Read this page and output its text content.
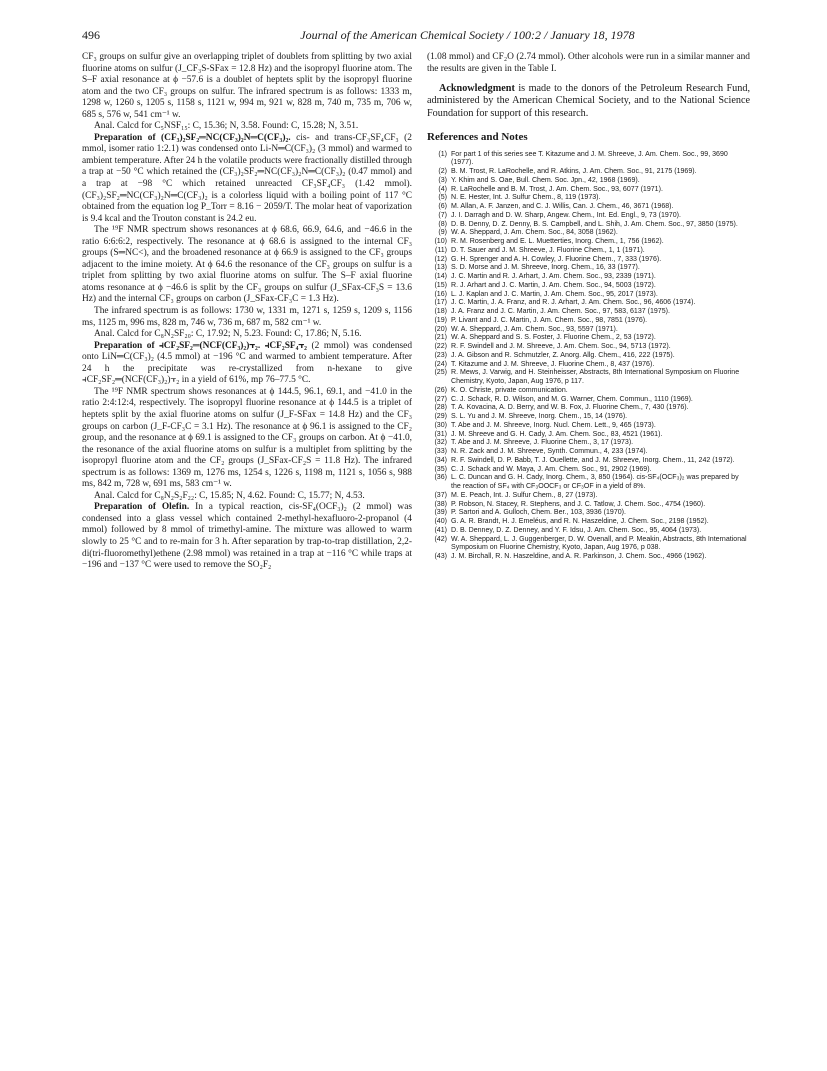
496	Journal of the American Chemical Society / 100:2 / January 18, 1978

CF₃ groups on sulfur give an overlapping triplet of doublets from splitting by two axial fluorine atoms on sulfur (J_CF₃S-SFax = 12.8 Hz) and the isopropyl fluorine atom. The S–F axial resonance at ϕ −57.6 is a doublet of heptets split by the isopropyl fluorine atom and the two CF₃ groups on sulfur. The infrared spectrum is as follows: 1333 m, 1298 w, 1260 s, 1205 s, 1158 s, 1121 w, 994 m, 921 w, 828 m, 740 m, 735 m, 706 w, 685 s, 576 w, 541 cm⁻¹ w.

Anal. Calcd for C₅NSF₁₅: C, 15.36; N, 3.58. Found: C, 15.28; N, 3.51.

Preparation of (CF₃)₂SF₂═NC(CF₃)₂N═C(CF₃)₂. cis- and trans-CF₃SF₄CF₃ (2 mmol, isomer ratio 1:2.1) was condensed onto Li-N═C(CF₃)₂ (3 mmol) and warmed to ambient temperature. After 24 h the volatile products were fractionally distilled through a trap at −50 °C which retained the (CF₃)₂SF₂═NC(CF₃)₂N═C(CF₃)₂ (0.47 mmol) and a trap at −98 °C which retained unreacted CF₃SF₄CF₃ (1.42 mmol). (CF₃)₂SF₂═NC(CF₃)₂N═C(CF₃)₂ is a colorless liquid with a boiling point of 117 °C obtained from the equation log P_Torr = 8.16 − 2059/T. The molar heat of vaporization is 9.4 kcal and the Trouton constant is 24.2 eu.

The ¹⁹F NMR spectrum shows resonances at ϕ 68.6, 66.9, 64.6, and −46.6 in the ratio 6:6:6:2, respectively. The resonance at ϕ 68.6 is assigned to the internal CF₃ groups (S═NC<), and the broadened resonance at ϕ 66.9 is assigned to the CF₃ groups adjacent to the imine moiety. At ϕ 64.6 the resonance of the CF₃ groups on sulfur is a triplet from splitting by two axial fluorine atoms on sulfur. The S–F axial fluorine atoms resonance at ϕ −46.6 is split by the CF₃ groups on sulfur (J_SFax-CF₃S = 13.6 Hz) and the internal CF₃ groups on carbon (J_SFax-CF₃C = 1.3 Hz).

The infrared spectrum is as follows: 1730 w, 1331 m, 1271 s, 1259 s, 1209 s, 1156 ms, 1125 m, 996 ms, 828 m, 746 w, 736 m, 687 m, 582 cm⁻¹ w.

Anal. Calcd for C₈N₂SF₂₀: C, 17.92; N, 5.23. Found: C, 17.86; N, 5.16.

Preparation of ⫞CF₂SF₂═(NCF(CF₃)₂)⫟₂. ⫞CF₂SF₄⫟₂ (2 mmol) was condensed onto LiN═C(CF₃)₂ (4.5 mmol) at −196 °C and warmed to ambient temperature. After 24 h the precipitate was re-crystallized from n-hexane to give ⫞CF₂SF₂═(NCF(CF₃)₂)⫟₂ in a yield of 61%, mp 76–77.5 °C.

The ¹⁹F NMR spectrum shows resonances at ϕ 144.5, 96.1, 69.1, and −41.0 in the ratio 2:4:12:4, respectively. The isopropyl fluorine resonance at ϕ 144.5 is a triplet of heptets split by the axial fluorine atoms on sulfur (J_F-SFax = 14.8 Hz) and the CF₃ groups on carbon (J_F-CF₃C = 3.1 Hz). The resonance at ϕ 96.1 is assigned to the CF₂ group, and the resonance at ϕ 69.1 is assigned to the CF₃ groups on carbon. At ϕ −41.0, the resonance of the axial fluorine atoms on sulfur is a multiplet from splitting by the isopropyl fluorine atom and the CF₂ groups (J_SFax-CF₂S = 11.8 Hz). The infrared spectrum is as follows: 1369 m, 1276 ms, 1254 s, 1226 s, 1198 m, 1121 s, 1056 s, 988 ms, 842 m, 728 w, 691 ms, 583 cm⁻¹ w.

Anal. Calcd for C₈N₂S₂F₂₂: C, 15.85; N, 4.62. Found: C, 15.77; N, 4.53.

Preparation of Olefin. In a typical reaction, cis-SF₄(OCF₃)₂ (2 mmol) was condensed into a glass vessel which contained 2-methyl-hexafluoro-2-propanol (4 mmol) followed by 8 mmol of trimethyl-amine. The mixture was allowed to warm slowly to 25 °C and to re-main for 3 h. After separation by trap-to-trap distillation, 2,2-di(tri-fluoromethyl)ethene (2.98 mmol) was retained in a trap at −116 °C while traps at −196 and −137 °C were used to remove the SO₂F₂

(1.08 mmol) and CF₂O (2.74 mmol). Other alcohols were run in a similar manner and the results are given in the Table I.

Acknowledgment is made to the donors of the Petroleum Research Fund, administered by the American Chemical Society, and to the National Science Foundation for support of this research.

References and Notes

(1) For part 1 of this series see T. Kitazume and J. M. Shreeve, J. Am. Chem. Soc., 99, 3690 (1977).
(2) B. M. Trost, R. LaRochelle, and R. Atkins, J. Am. Chem. Soc., 91, 2175 (1969).
(3) Y. Khim and S. Oae, Bull. Chem. Soc. Jpn., 42, 1968 (1969).
(4) R. LaRochelle and B. M. Trost, J. Am. Chem. Soc., 93, 6077 (1971).
(5) N. E. Hester, Int. J. Sulfur Chem., 8, 119 (1973).
(6) M. Allan, A. F. Janzen, and C. J. Willis, Can. J. Chem., 46, 3671 (1968).
(7) J. I. Darragh and D. W. Sharp, Angew. Chem., Int. Ed. Engl., 9, 73 (1970).
(8) D. B. Denny, D. Z. Denny, B. S. Campbell, and L. Shih, J. Am. Chem. Soc., 97, 3850 (1975).
(9) W. A. Sheppard, J. Am. Chem. Soc., 84, 3058 (1962).
(10) R. M. Rosenberg and E. L. Muetterties, Inorg. Chem., 1, 756 (1962).
(11) D. T. Sauer and J. M. Shreeve, J. Fluorine Chem., 1, 1 (1971).
(12) G. H. Sprenger and A. H. Cowley, J. Fluorine Chem., 7, 333 (1976).
(13) S. D. Morse and J. M. Shreeve, Inorg. Chem., 16, 33 (1977).
(14) J. C. Martin and R. J. Arhart, J. Am. Chem. Soc., 93, 2339 (1971).
(15) R. J. Arhart and J. C. Martin, J. Am. Chem. Soc., 94, 5003 (1972).
(16) L. J. Kaplan and J. C. Martin, J. Am. Chem. Soc., 95, 2017 (1973).
(17) J. C. Martin, J. A. Franz, and R. J. Arhart, J. Am. Chem. Soc., 96, 4606 (1974).
(18) J. A. Franz and J. C. Martin, J. Am. Chem. Soc., 97, 583, 6137 (1975).
(19) P. Livant and J. C. Martin, J. Am. Chem. Soc., 98, 7851 (1976).
(20) W. A. Sheppard, J. Am. Chem. Soc., 93, 5597 (1971).
(21) W. A. Sheppard and S. S. Foster, J. Fluorine Chem., 2, 53 (1972).
(22) R. F. Swindell and J. M. Shreeve, J. Am. Chem. Soc., 94, 5713 (1972).
(23) J. A. Gibson and R. Schmutzler, Z. Anorg. Allg. Chem., 416, 222 (1975).
(24) T. Kitazume and J. M. Shreeve, J. Fluorine Chem., 8, 437 (1976).
(25) R. Mews, J. Varwig, and H. Steinheisser, Abstracts, 8th International Symposium on Fluorine Chemistry, Kyoto, Japan, Aug 1976, p 117.
(26) K. O. Christe, private communication.
(27) C. J. Schack, R. D. Wilson, and M. G. Warner, Chem. Commun., 1110 (1969).
(28) T. A. Kovacina, A. D. Berry, and W. B. Fox, J. Fluorine Chem., 7, 430 (1976).
(29) S. L. Yu and J. M. Shreeve, Inorg. Chem., 15, 14 (1976).
(30) T. Abe and J. M. Shreeve, Inorg. Nucl. Chem. Lett., 9, 465 (1973).
(31) J. M. Shreeve and G. H. Cady, J. Am. Chem. Soc., 83, 4521 (1961).
(32) T. Abe and J. M. Shreeve, J. Fluorine Chem., 3, 17 (1973).
(33) N. R. Zack and J. M. Shreeve, Synth. Commun., 4, 233 (1974).
(34) R. F. Swindell, D. P. Babb, T. J. Ouellette, and J. M. Shreeve, Inorg. Chem., 11, 242 (1972).
(35) C. J. Schack and W. Maya, J. Am. Chem. Soc., 91, 2902 (1969).
(36) L. C. Duncan and G. H. Cady, Inorg. Chem., 3, 850 (1964). cis-SF₄(OCF₃)₂ was prepared by the reaction of SF₄ with CF₃OOCF₃ or CF₃OF in a yield of 8%.
(37) M. E. Peach, Int. J. Sulfur Chem., 8, 27 (1973).
(38) P. Robson, N. Stacey, R. Stephens, and J. C. Tatlow, J. Chem. Soc., 4754 (1960).
(39) P. Sartori and A. Gulloch, Chem. Ber., 103, 3936 (1970).
(40) G. A. R. Brandt, H. J. Emeléus, and R. N. Haszeldine, J. Chem. Soc., 2198 (1952).
(41) D. B. Denney, D. Z. Denney, and Y. F. Idsu, J. Am. Chem. Soc., 95, 4064 (1973).
(42) W. A. Sheppard, L. J. Guggenberger, D. W. Ovenall, and P. Meakin, Abstracts, 8th International Symposium on Fluorine Chemistry, Kyoto, Japan, Aug 1976, p 038.
(43) J. M. Birchall, R. N. Haszeldine, and A. R. Parkinson, J. Chem. Soc., 4966 (1962).
